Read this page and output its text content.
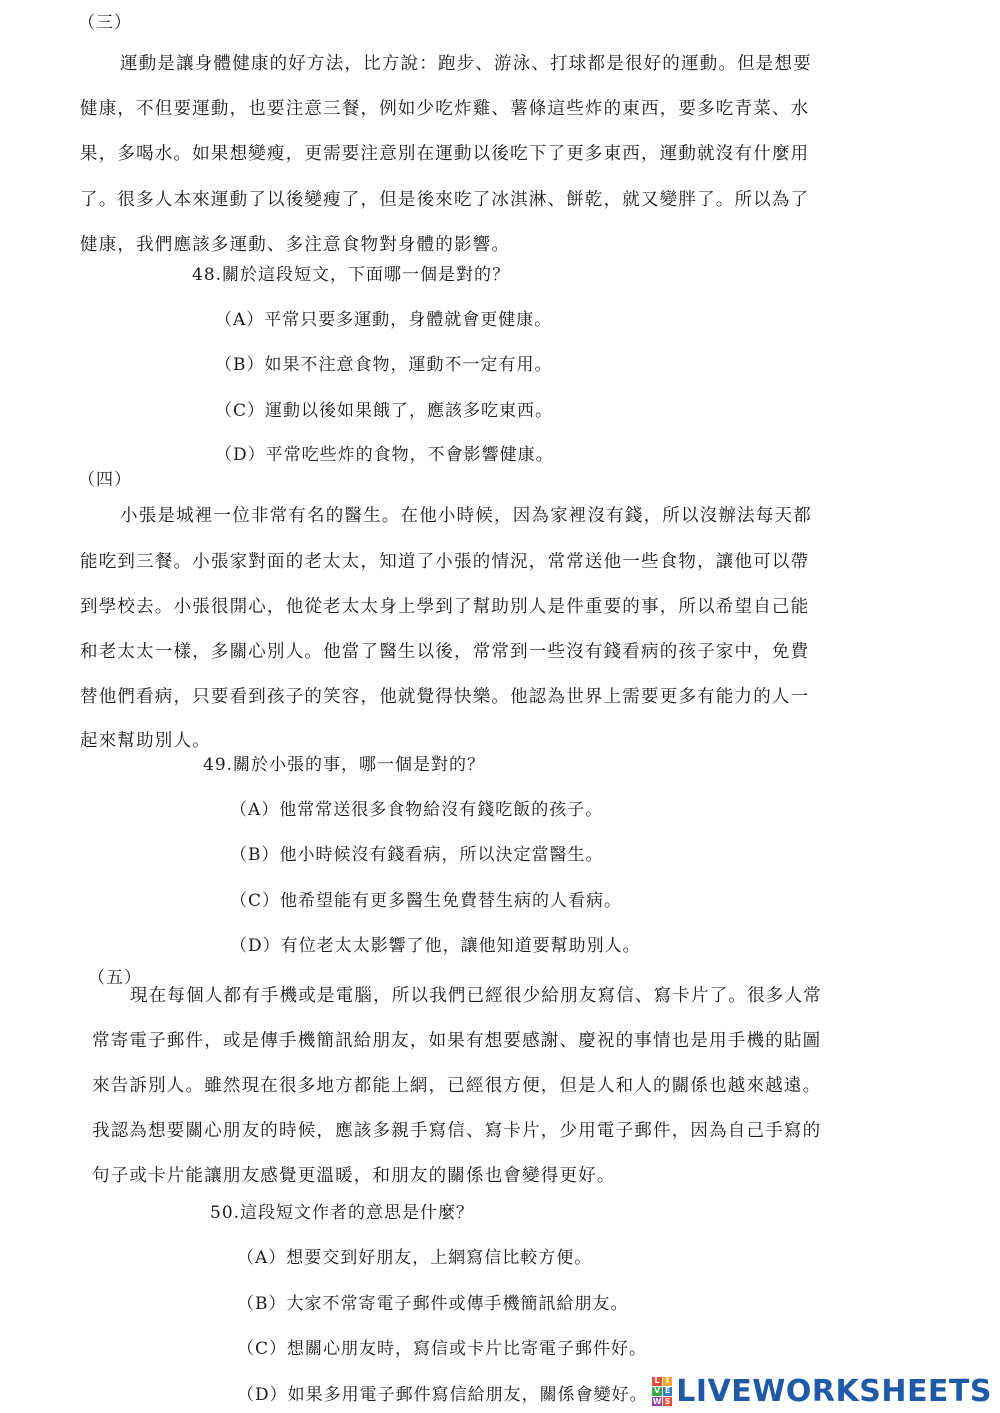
（三）
運動是讓身體健康的好方法，比方說：跑步、游泳、打球都是很好的運動。但是想要
健康，不但要運動，也要注意三餐，例如少吃炸雞、薯條這些炸的東西，要多吃青菜、水
果，多喝水。如果想變瘦，更需要注意別在運動以後吃下了更多東西，運動就沒有什麼用
了。很多人本來運動了以後變瘦了，但是後來吃了冰淇淋、餅乾，就又變胖了。所以為了
健康，我們應該多運動、多注意食物對身體的影響。
48.關於這段短文，下面哪一個是對的？
（A）平常只要多運動，身體就會更健康。
（B）如果不注意食物，運動不一定有用。
（C）運動以後如果餓了，應該多吃東西。
（D）平常吃些炸的食物，不會影響健康。
（四）
小張是城裡一位非常有名的醫生。在他小時候，因為家裡沒有錢，所以沒辦法每天都
能吃到三餐。小張家對面的老太太，知道了小張的情況，常常送他一些食物，讓他可以帶
到學校去。小張很開心，他從老太太身上學到了幫助別人是件重要的事，所以希望自己能
和老太太一樣，多關心別人。他當了醫生以後，常常到一些沒有錢看病的孩子家中，免費
替他們看病，只要看到孩子的笑容，他就覺得快樂。他認為世界上需要更多有能力的人一
起來幫助別人。
49.關於小張的事，哪一個是對的？
（A）他常常送很多食物給沒有錢吃飯的孩子。
（B）他小時候沒有錢看病，所以決定當醫生。
（C）他希望能有更多醫生免費替生病的人看病。
（D）有位老太太影響了他，讓他知道要幫助別人。
（五）
現在每個人都有手機或是電腦，所以我們已經很少給朋友寫信、寫卡片了。很多人常
常寄電子郵件，或是傳手機簡訊給朋友，如果有想要感謝、慶祝的事情也是用手機的貼圖
來告訴別人。雖然現在很多地方都能上網，已經很方便，但是人和人的關係也越來越遠。
我認為想要關心朋友的時候，應該多親手寫信、寫卡片，少用電子郵件，因為自己手寫的
句子或卡片能讓朋友感覺更溫暖，和朋友的關係也會變得更好。
50.這段短文作者的意思是什麼？
（A）想要交到好朋友，上網寫信比較方便。
（B）大家不常寄電子郵件或傳手機簡訊給朋友。
（C）想關心朋友時，寫信或卡片比寄電子郵件好。
（D）如果多用電子郵件寫信給朋友，關係會變好。
L I
V E
W S LIVEWORKSHEETS
